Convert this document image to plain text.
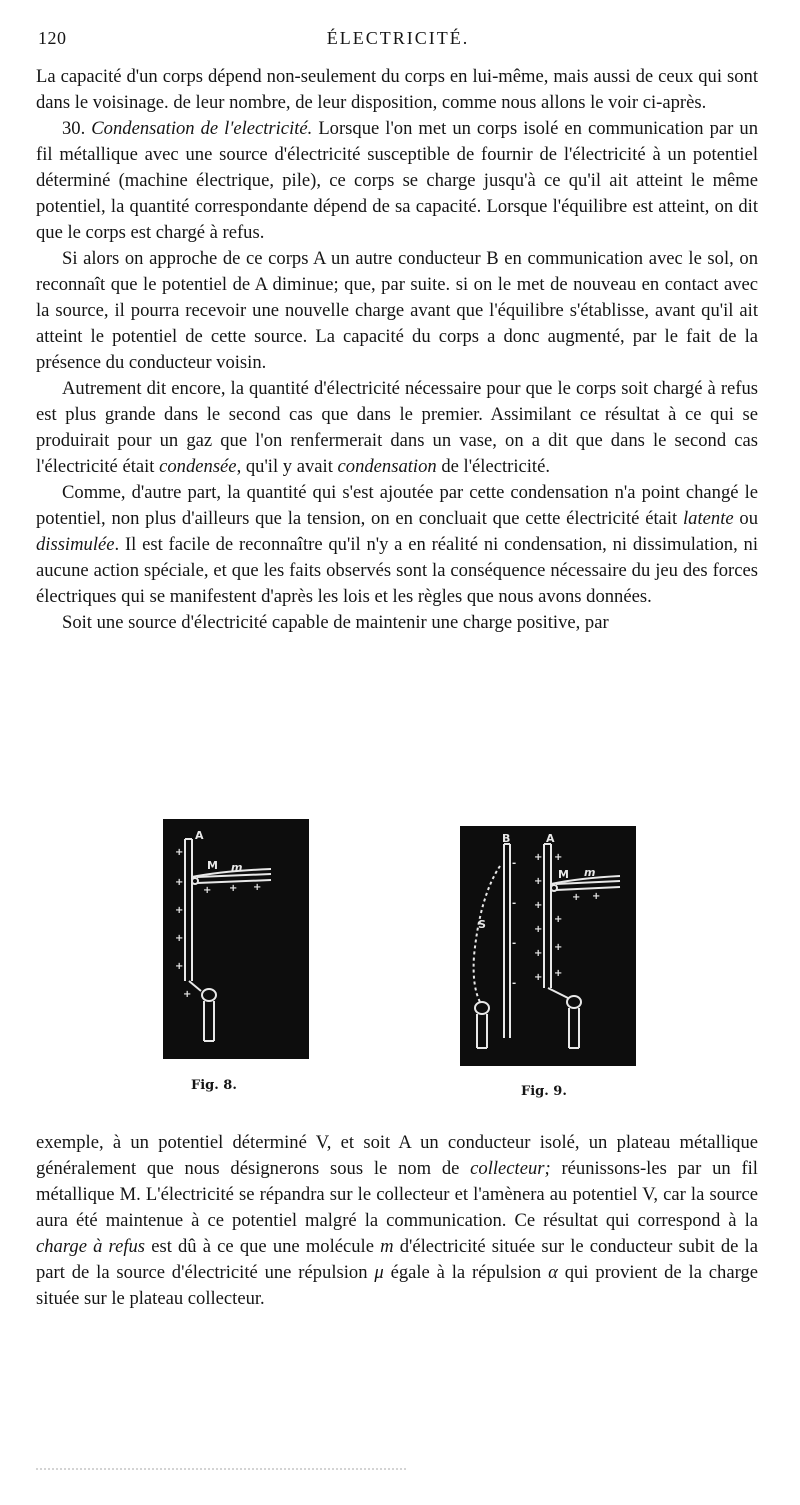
120	ÉLECTRICITÉ.

La capacité d'un corps dépend non-seulement du corps en lui-même, mais aussi de ceux qui sont dans le voisinage. de leur nombre, de leur disposition, comme nous allons le voir ci-après.

30. Condensation de l'electricité. Lorsque l'on met un corps isolé en communication par un fil métallique avec une source d'électricité susceptible de fournir de l'électricité à un potentiel déterminé (machine électrique, pile), ce corps se charge jusqu'à ce qu'il ait atteint le même potentiel, la quantité correspondante dépend de sa capacité. Lorsque l'équilibre est atteint, on dit que le corps est chargé à refus.

Si alors on approche de ce corps A un autre conducteur B en communication avec le sol, on reconnaît que le potentiel de A diminue; que, par suite. si on le met de nouveau en contact avec la source, il pourra recevoir une nouvelle charge avant que l'équilibre s'établisse, avant qu'il ait atteint le potentiel de cette source. La capacité du corps a donc augmenté, par le fait de la présence du conducteur voisin.

Autrement dit encore, la quantité d'électricité nécessaire pour que le corps soit chargé à refus est plus grande dans le second cas que dans le premier. Assimilant ce résultat à ce qui se produirait pour un gaz que l'on renfermerait dans un vase, on a dit que dans le second cas l'électricité était condensée, qu'il y avait condensation de l'électricité.

Comme, d'autre part, la quantité qui s'est ajoutée par cette condensation n'a point changé le potentiel, non plus d'ailleurs que la tension, on en concluait que cette électricité était latente ou dissimulée. Il est facile de reconnaître qu'il n'y a en réalité ni condensation, ni dissimulation, ni aucune action spéciale, et que les faits observés sont la conséquence nécessaire du jeu des forces électriques qui se manifestent d'après les lois et les règles que nous avons données.

Soit une source d'électricité capable de maintenir une charge positive, par

A
M m
+
+
+
+
+
+
+ + +
Fig. 8.
B	A
M m
S
+
+
+
+
+
+
+
+
+
+
+ +
-
-
-
-
Fig. 9.

exemple, à un potentiel déterminé V, et soit A un conducteur isolé, un plateau métallique généralement que nous désignerons sous le nom de collecteur; réunissons-les par un fil métallique M. L'électricité se répandra sur le collecteur et l'amènera au potentiel V, car la source aura été maintenue à ce potentiel malgré la communication. Ce résultat qui correspond à la charge à refus est dû à ce que une molécule m d'électricité située sur le conducteur subit de la part de la source d'électricité une répulsion μ égale à la répulsion α qui provient de la charge située sur le plateau collecteur.
